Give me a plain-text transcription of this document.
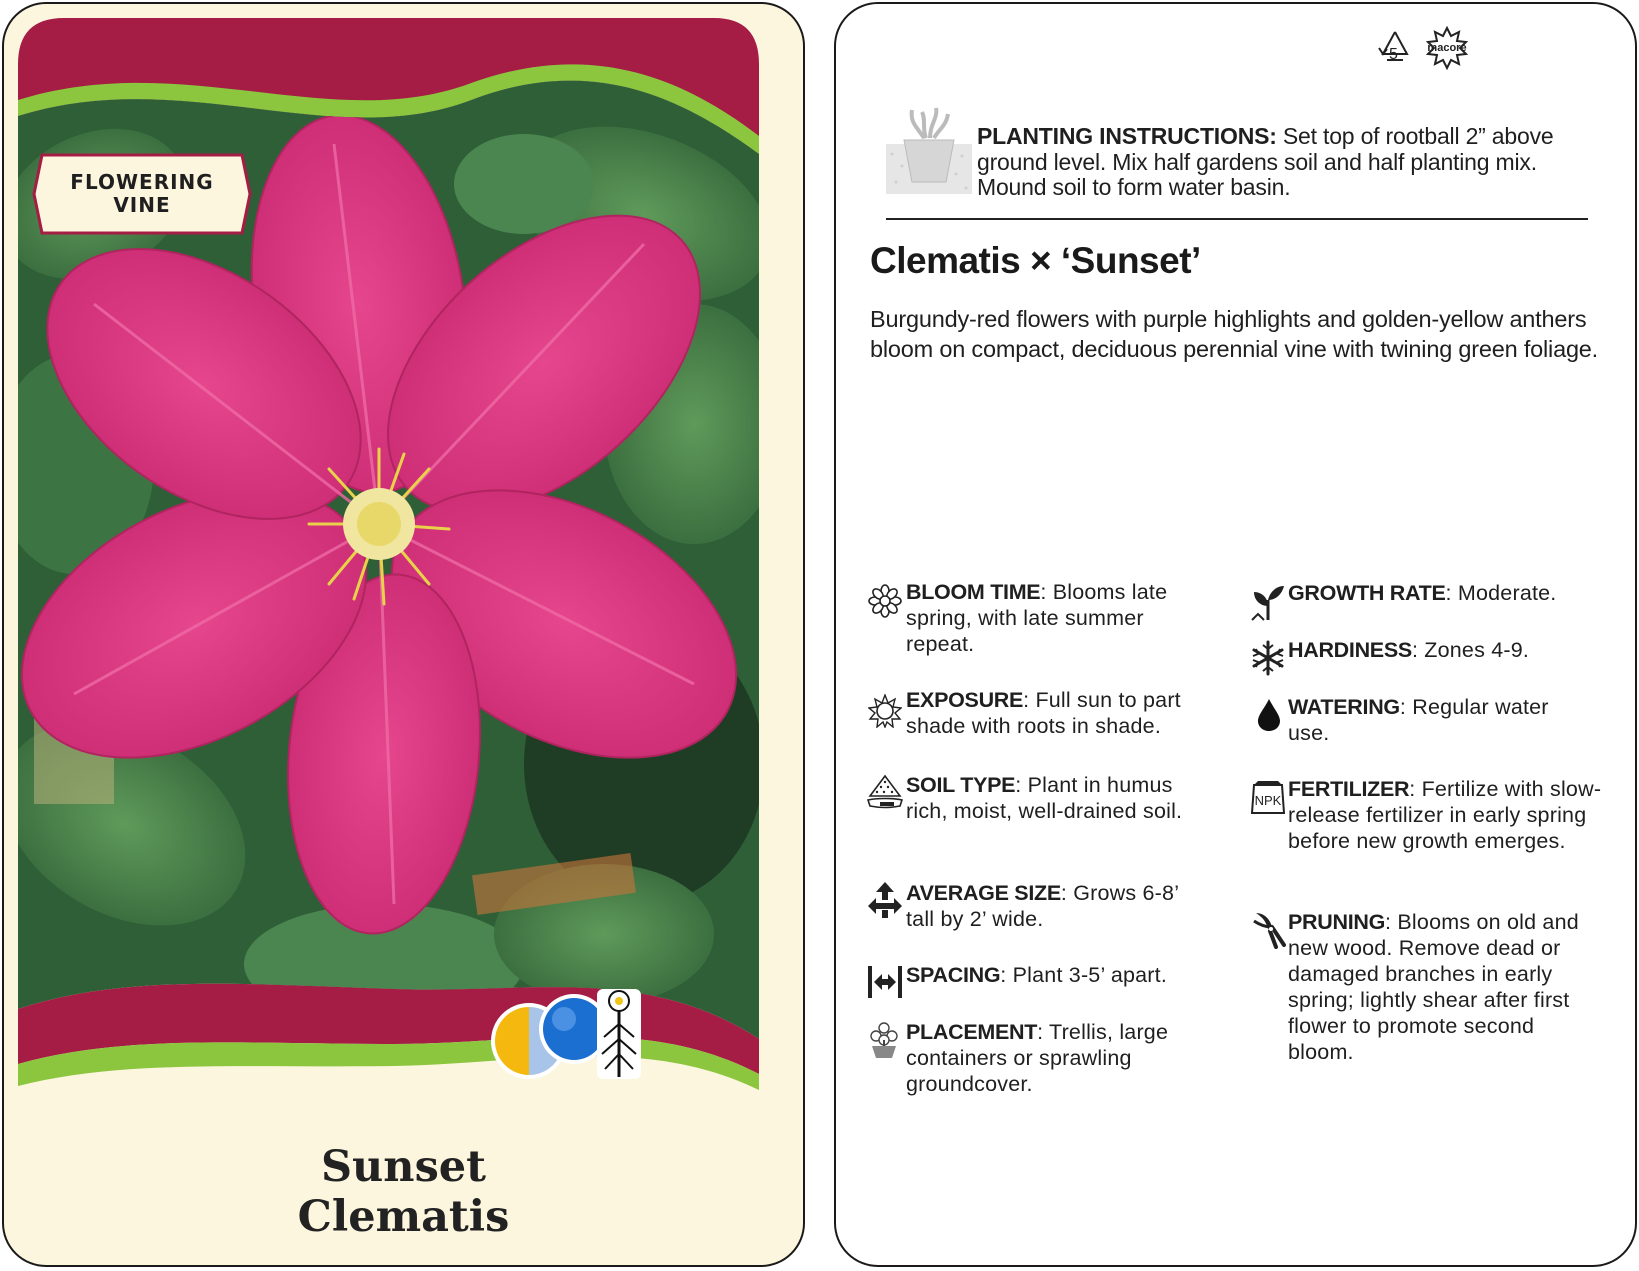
FLOWERING
VINE
Sunset
Clematis
5	macore
PLANTING INSTRUCTIONS: Set top of rootball 2” above ground level. Mix half gardens soil and half planting mix. Mound soil to form water basin.
Clematis × ‘Sunset’
Burgundy-red flowers with purple highlights and golden-yellow anthers bloom on compact, deciduous perennial vine with twining green foliage.
BLOOM TIME: Blooms late spring, with late summer repeat.
EXPOSURE: Full sun to part shade with roots in shade.
SOIL TYPE: Plant in humus rich, moist, well-drained soil.
AVERAGE SIZE: Grows 6-8’ tall by 2’ wide.
SPACING: Plant 3-5’ apart.
PLACEMENT: Trellis, large containers or sprawling groundcover.
GROWTH RATE: Moderate.
HARDINESS: Zones 4-9.
WATERING: Regular water use.
NPK FERTILIZER: Fertilize with slow-release fertilizer in early spring before new growth emerges.
PRUNING: Blooms on old and new wood. Remove dead or damaged branches in early spring; lightly shear after first flower to promote second bloom.
